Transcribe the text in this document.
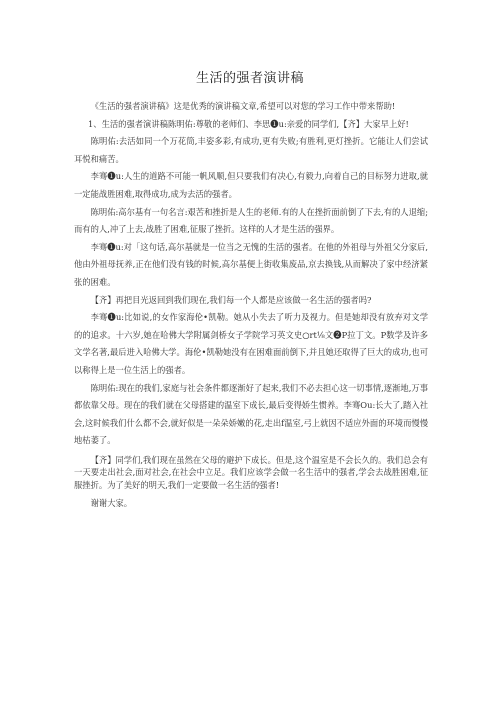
生活的强者演讲稿

《生活的强者演讲稿》这是优秀的演讲稿文章,希望可以对您的学习工作中带来帮助!

1、生活的强者演讲稿陈明佑:尊敬的老师们、李思❶u:亲爱的同学们,【齐】大家早上好!

陈明佑:去活如同一个万花筒,丰姿多彩,有成功,更有失败;有胜利,更灯挫折。它能让人们尝试耳悦和痛苦。

李骞❶u:人生的道路不可能一帆风顺,但只要我们有决心,有毅力,向着自己的目标努力进取,就一定能战胜困难,取得成功,成为去活的强者。

陈明佑:高尔基有一句名言:艰苦和挫折是人生的老师.有的人在挫折面前倒了下去,有的人退缩;而有的人,冲了上去,战胜了困难,征服了挫折。这样的人才是生活的强界。

李骞❶u:对「这句话,高尔基就是一位当之无愧的生活的强者。在他的外祖母与外祖父分家后,他由外祖母抚养,正在他们没有钱的时候,高尔基便上街收集废品,京去换钱,从而解决了家中经济紧张的困难。

【齐】再把目光返回到我们现在,我们每一个人都是应该做一名生活的强者吗?

李骞❶u:比如说,的女作家海伦•凯勒。她从小失去了听力及视力。但是她却没有放弃对文学的的追求。十六岁,她在哈佛大学附属剑桥女子学院学习英文史○rt⅛文❷P拉丁文。P数学及许多文学名著,最后进入哈佛大学。海伦•凯勒她没有在困难面前倒下,并且她还取得了巨大的成功,也可以称得上是一位生活上的强者。

陈明佑:现在的我们,家庭与社会条件都逐渐好了起来,我们不必去担心这一切事情,逐渐地,万事都依靠父母。现在的我们就在父母搭建的温室下成长,最后变得娇生惯养。李骞Ou:长大了,踏入社会,这时候我们什么都不会,就好似是一朵朵娇嫩的花,走出f温室,弓上就因不适应外面的环境而慢慢地枯萎了。

【齐】同学们,我们现在虽然在父母的避护下成长。但是,这个温室是不会长久的。我们总会有一天要走出社会,面对社会,在社会中立足。我们应该学会做一名生活中的强者,学会去战胜困难,征服挫折。为了美好的明天,我们一定要做一名生活的强者!

谢谢大家。
